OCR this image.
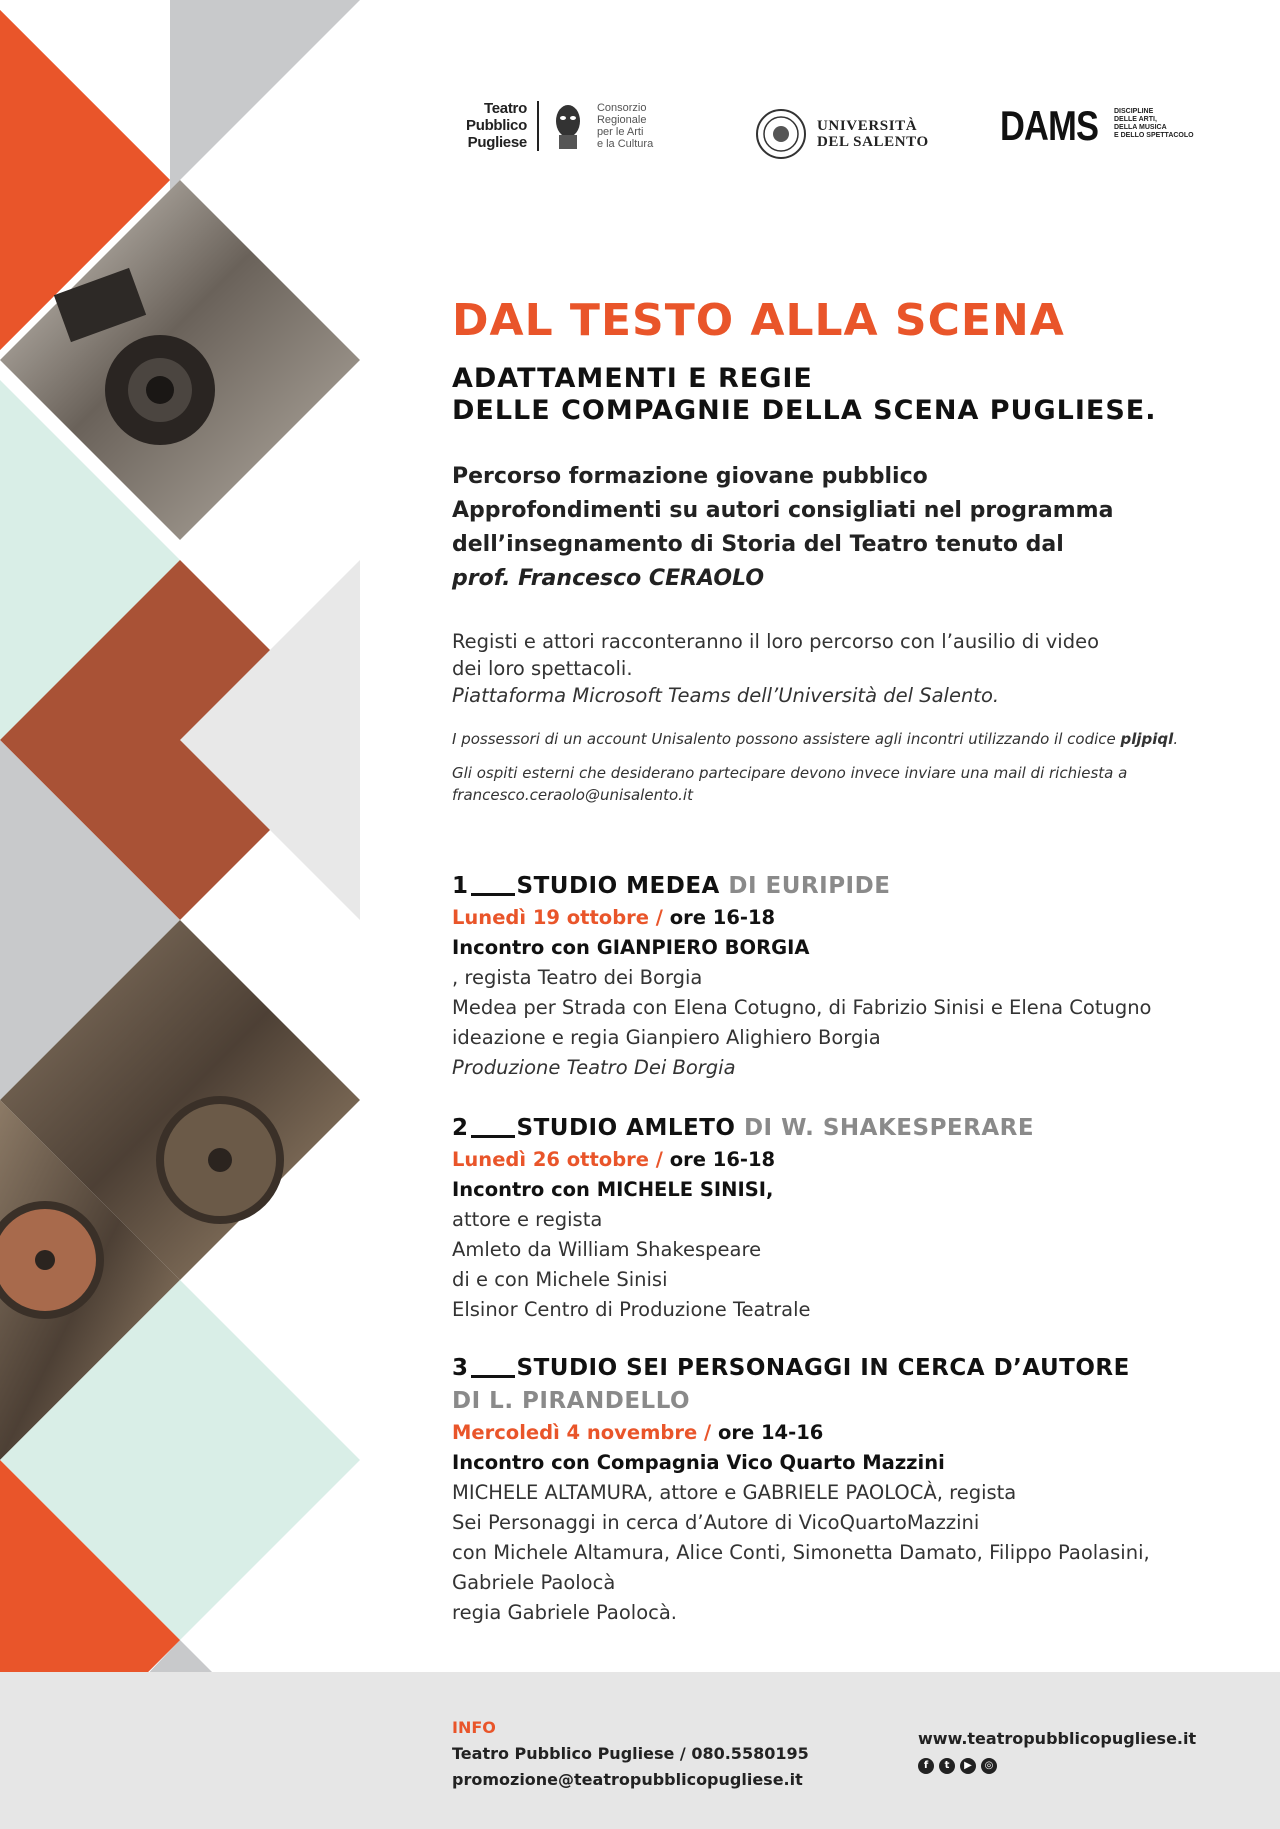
Teatro
Pubblico
Pugliese
Consorzio
Regionale
per le Arti
e la Cultura
UNIVERSITÀ
DEL SALENTO DAMS DISCIPLINE
DELLE ARTI,
DELLA MUSICA
E DELLO SPETTACOLO
DAL TESTO ALLA SCENA
ADATTAMENTI E REGIE
DELLE COMPAGNIE DELLA SCENA PUGLIESE.
Percorso formazione giovane pubblico
Approfondimenti su autori consigliati nel programma
dell’insegnamento di Storia del Teatro tenuto dal
prof. Francesco CERAOLO
Registi e attori racconteranno il loro percorso con l’ausilio di video
dei loro spettacoli.
Piattaforma Microsoft Teams dell’Università del Salento.

I possessori di un account Unisalento possono assistere agli incontri utilizzando il codice pljpiql.

Gli ospiti esterni che desiderano partecipare devono invece inviare una mail di richiesta a
francesco.ceraolo@unisalento.it

1 STUDIO MEDEA DI EURIPIDE
Lunedì 19 ottobre / ore 16-18
Incontro con GIANPIERO BORGIA
, regista Teatro dei Borgia
Medea per Strada con Elena Cotugno, di Fabrizio Sinisi e Elena Cotugno
ideazione e regia Gianpiero Alighiero Borgia
Produzione Teatro Dei Borgia
2 STUDIO AMLETO DI W. SHAKESPERARE
Lunedì 26 ottobre / ore 16-18
Incontro con MICHELE SINISI,
attore e regista
Amleto da William Shakespeare
di e con Michele Sinisi
Elsinor Centro di Produzione Teatrale
3 STUDIO SEI PERSONAGGI IN CERCA D’AUTORE
DI L. PIRANDELLO
Mercoledì 4 novembre / ore 14-16
Incontro con Compagnia Vico Quarto Mazzini
MICHELE ALTAMURA, attore e GABRIELE PAOLOCÀ, regista
Sei Personaggi in cerca d’Autore di VicoQuartoMazzini
con Michele Altamura, Alice Conti, Simonetta Damato, Filippo Paolasini,
Gabriele Paolocà
regia Gabriele Paolocà.
INFO
Teatro Pubblico Pugliese / 080.5580195
promozione@teatropubblicopugliese.it
www.teatropubblicopugliese.it
f	t	▶	◎
